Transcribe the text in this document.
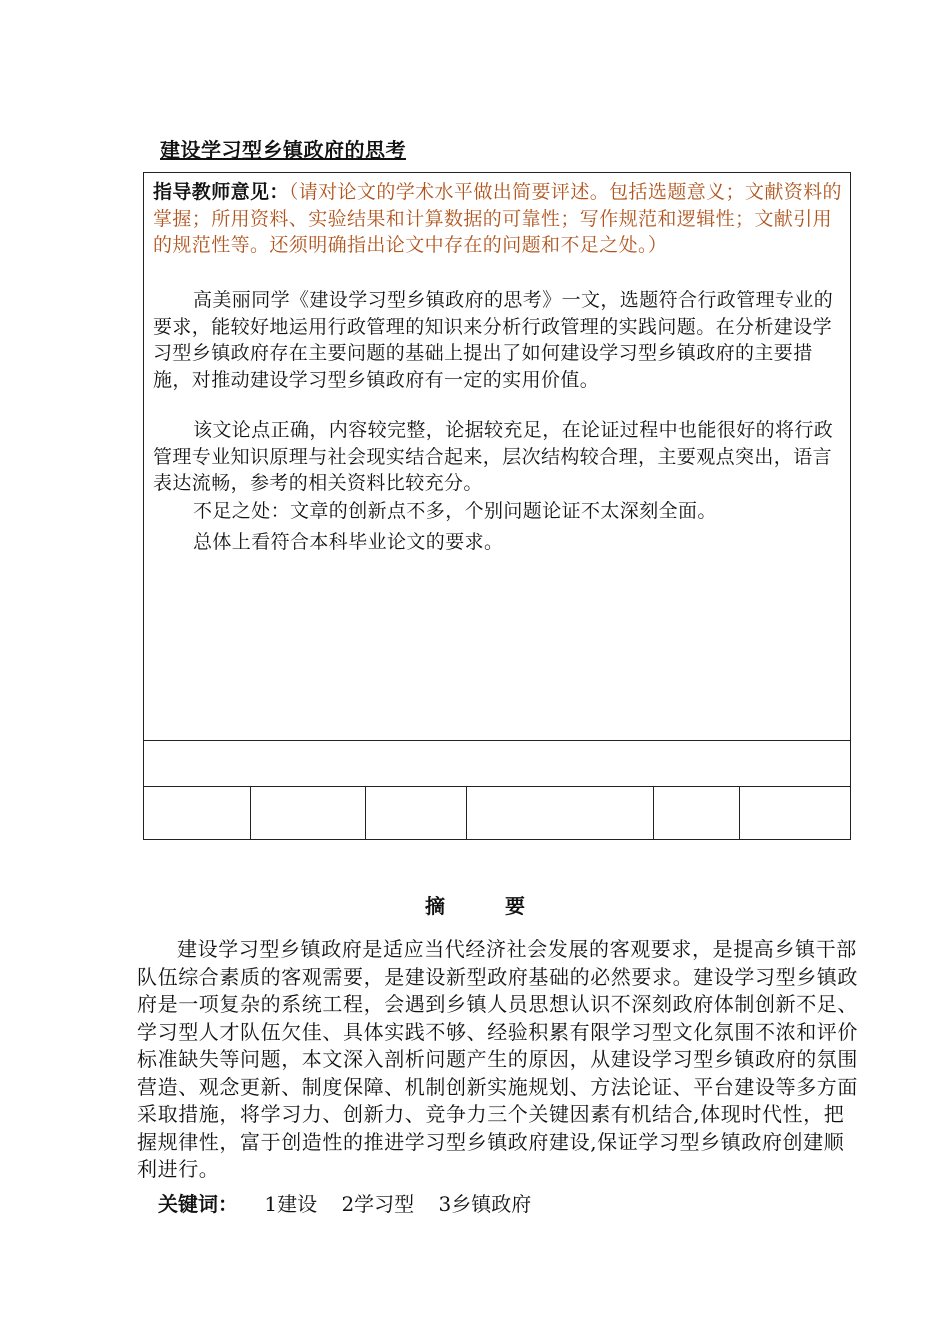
建设学习型乡镇政府的思考
指导教师意见：（请对论文的学术水平做出简要评述。包括选题意义；文献资料的掌握；所用资料、实验结果和计算数据的可靠性；写作规范和逻辑性；文献引用的规范性等。还须明确指出论文中存在的问题和不足之处。）
高美丽同学《建设学习型乡镇政府的思考》一文，选题符合行政管理专业的要求，能较好地运用行政管理的知识来分析行政管理的实践问题。在分析建设学习型乡镇政府存在主要问题的基础上提出了如何建设学习型乡镇政府的主要措施，对推动建设学习型乡镇政府有一定的实用价值。
该文论点正确，内容较完整，论据较充足，在论证过程中也能很好的将行政管理专业知识原理与社会现实结合起来，层次结构较合理，主要观点突出，语言表达流畅，参考的相关资料比较充分。
不足之处：文章的创新点不多，个别问题论证不太深刻全面。
总体上看符合本科毕业论文的要求。
摘要
建设学习型乡镇政府是适应当代经济社会发展的客观要求，是提高乡镇干部队伍综合素质的客观需要，是建设新型政府基础的必然要求。建设学习型乡镇政府是一项复杂的系统工程，会遇到乡镇人员思想认识不深刻政府体制创新不足、学习型人才队伍欠佳、具体实践不够、经验积累有限学习型文化氛围不浓和评价标准缺失等问题，本文深入剖析问题产生的原因，从建设学习型乡镇政府的氛围营造、观念更新、制度保障、机制创新实施规划、方法论证、平台建设等多方面采取措施，将学习力、创新力、竞争力三个关键因素有机结合,体现时代性，把握规律性，富于创造性的推进学习型乡镇政府建设,保证学习型乡镇政府创建顺利进行。
关键词： 1建设 2学习型 3乡镇政府
